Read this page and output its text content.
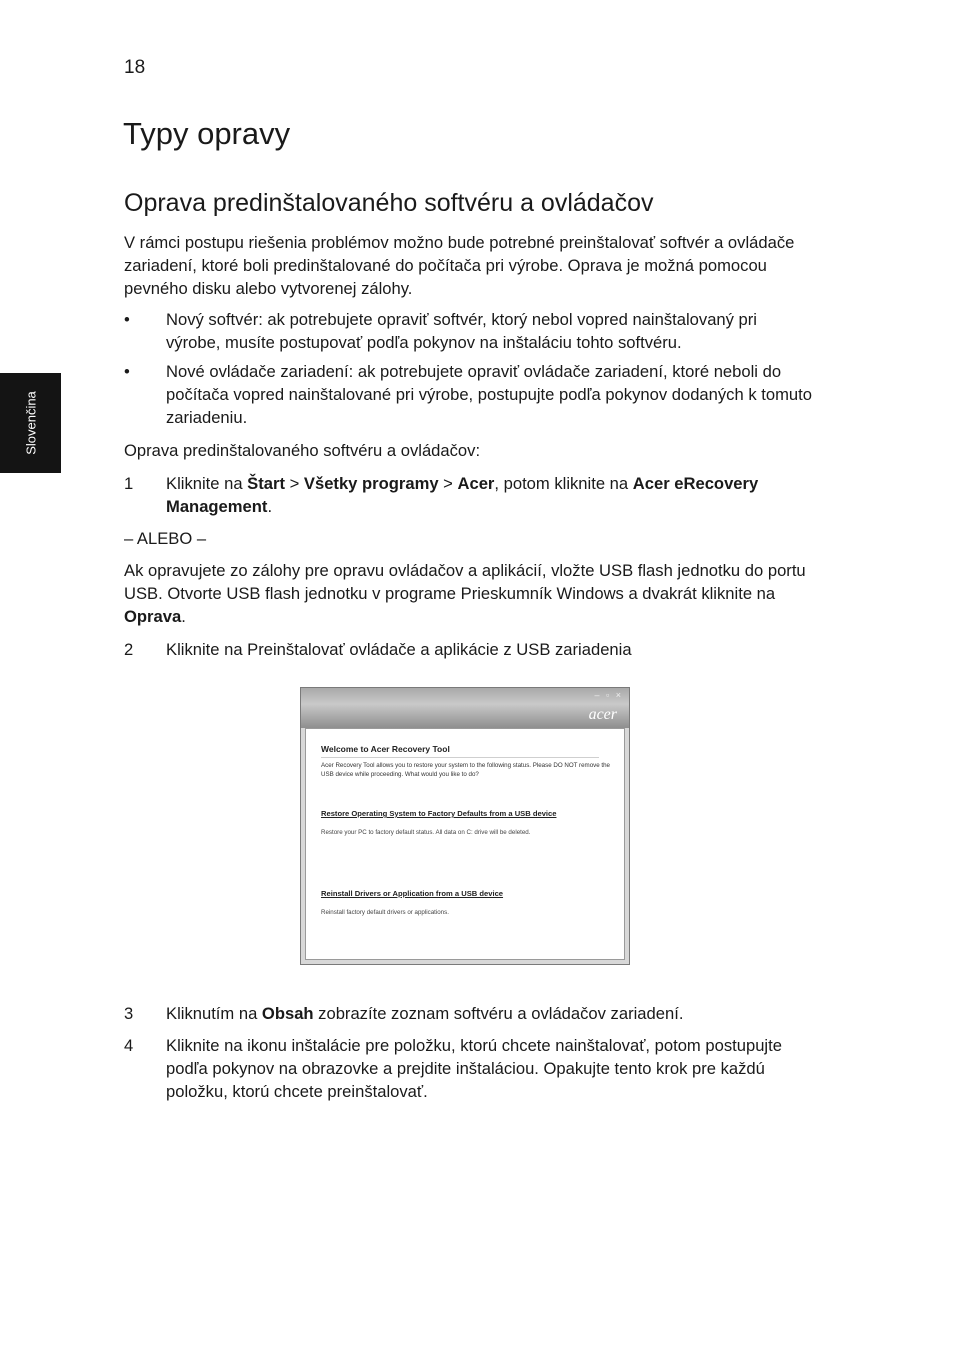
18
Slovenčina
Typy opravy
Oprava predinštalovaného softvéru a ovládačov

V rámci postupu riešenia problémov možno bude potrebné preinštalovať softvér a ovládače zariadení, ktoré boli predinštalované do počítača pri výrobe. Oprava je možná pomocou pevného disku alebo vytvorenej zálohy.

• Nový softvér: ak potrebujete opraviť softvér, ktorý nebol vopred nainštalovaný pri výrobe, musíte postupovať podľa pokynov na inštaláciu tohto softvéru.
• Nové ovládače zariadení: ak potrebujete opraviť ovládače zariadení, ktoré neboli do počítača vopred nainštalované pri výrobe, postupujte podľa pokynov dodaných k tomuto zariadeniu.

Oprava predinštalovaného softvéru a ovládačov:

1 Kliknite na Štart > Všetky programy > Acer, potom kliknite na Acer eRecovery Management.

– ALEBO –

Ak opravujete zo zálohy pre opravu ovládačov a aplikácií, vložte USB flash jednotku do portu USB. Otvorte USB flash jednotku v programe Prieskumník Windows a dvakrát kliknite na Oprava.

2 Kliknite na Preinštalovať ovládače a aplikácie z USB zariadenia
– ▫ ×
acer
Welcome to Acer Recovery Tool
Acer Recovery Tool allows you to restore your system to the following status. Please DO NOT remove the USB device while proceeding. What would you like to do?
Restore Operating System to Factory Defaults from a USB device
Restore your PC to factory default status. All data on C: drive will be deleted.
Reinstall Drivers or Application from a USB device
Reinstall factory default drivers or applications.
3 Kliknutím na Obsah zobrazíte zoznam softvéru a ovládačov zariadení.
4 Kliknite na ikonu inštalácie pre položku, ktorú chcete nainštalovať, potom postupujte podľa pokynov na obrazovke a prejdite inštaláciou. Opakujte tento krok pre každú položku, ktorú chcete preinštalovať.
